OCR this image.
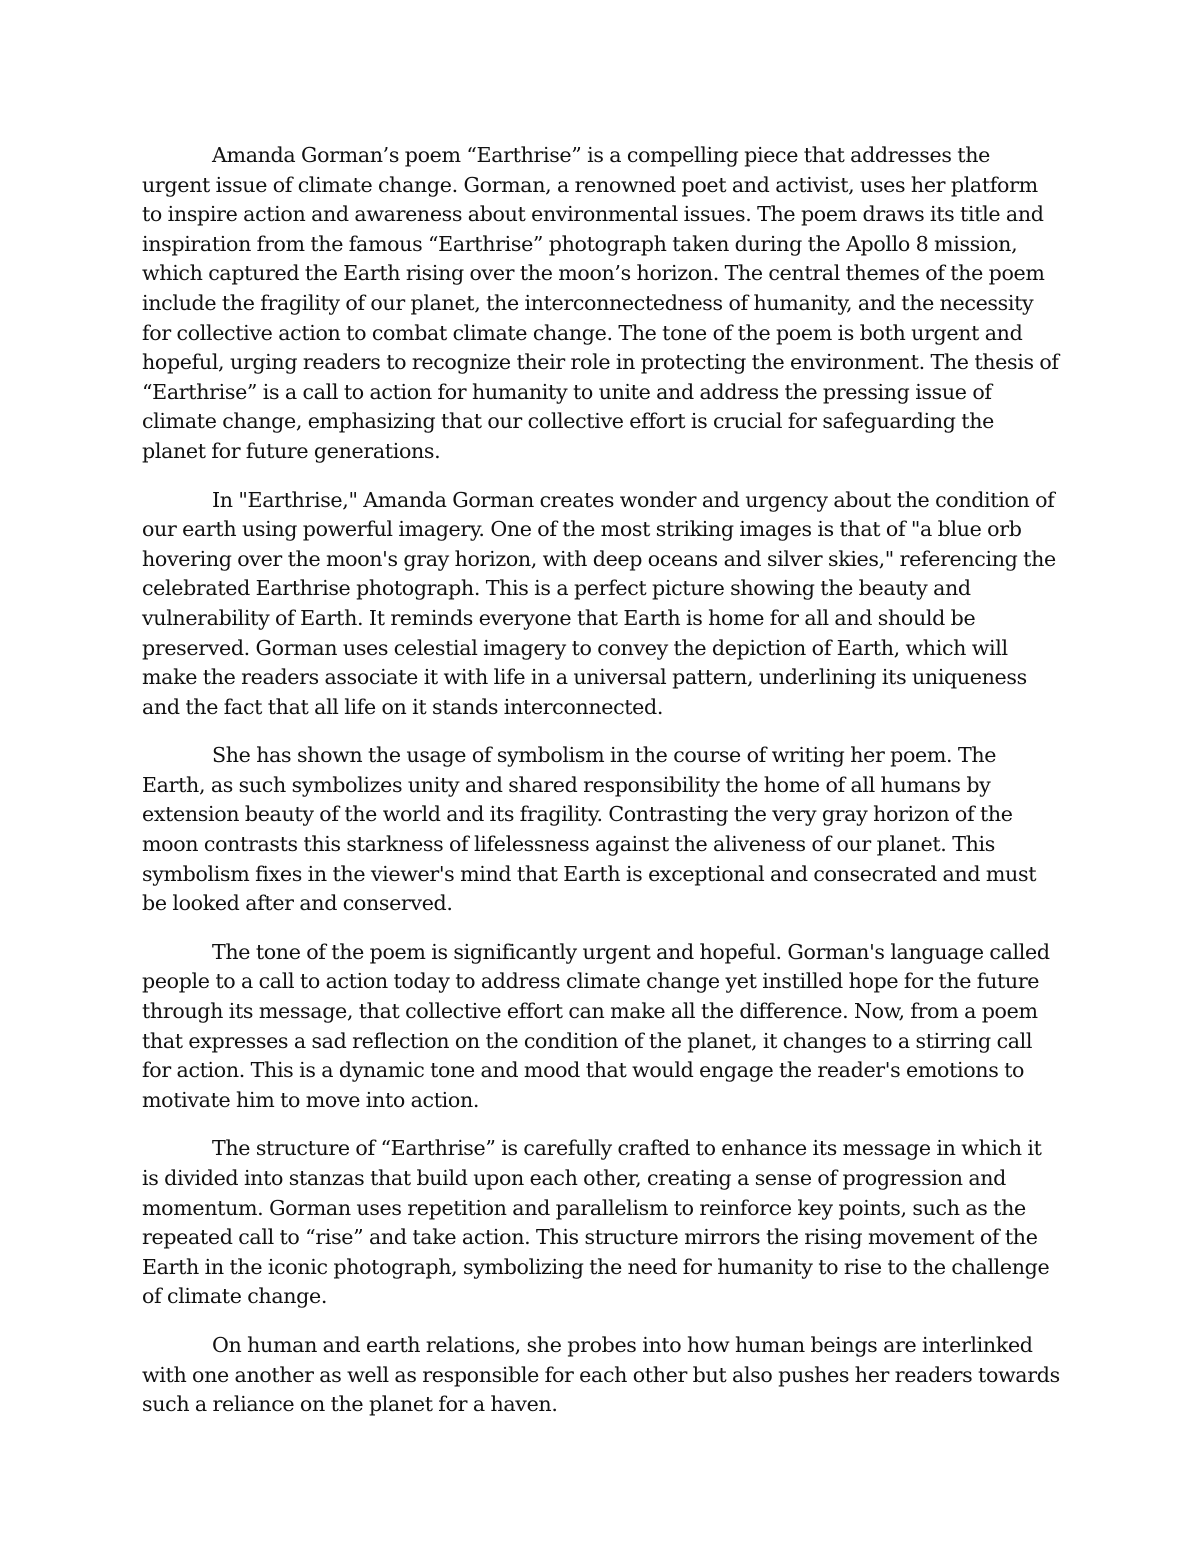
Amanda Gorman’s poem “Earthrise” is a compelling piece that addresses the urgent issue of climate change. Gorman, a renowned poet and activist, uses her platform to inspire action and awareness about environmental issues. The poem draws its title and inspiration from the famous “Earthrise” photograph taken during the Apollo 8 mission, which captured the Earth rising over the moon’s horizon. The central themes of the poem include the fragility of our planet, the interconnectedness of humanity, and the necessity for collective action to combat climate change. The tone of the poem is both urgent and hopeful, urging readers to recognize their role in protecting the environment. The thesis of “Earthrise” is a call to action for humanity to unite and address the pressing issue of climate change, emphasizing that our collective effort is crucial for safeguarding the planet for future generations.

In "Earthrise," Amanda Gorman creates wonder and urgency about the condition of our earth using powerful imagery. One of the most striking images is that of "a blue orb hovering over the moon's gray horizon, with deep oceans and silver skies," referencing the celebrated Earthrise photograph. This is a perfect picture showing the beauty and vulnerability of Earth. It reminds everyone that Earth is home for all and should be preserved. Gorman uses celestial imagery to convey the depiction of Earth, which will make the readers associate it with life in a universal pattern, underlining its uniqueness and the fact that all life on it stands interconnected.

She has shown the usage of symbolism in the course of writing her poem. The Earth, as such symbolizes unity and shared responsibility the home of all humans by extension beauty of the world and its fragility. Contrasting the very gray horizon of the moon contrasts this starkness of lifelessness against the aliveness of our planet. This symbolism fixes in the viewer's mind that Earth is exceptional and consecrated and must be looked after and conserved.

The tone of the poem is significantly urgent and hopeful. Gorman's language called people to a call to action today to address climate change yet instilled hope for the future through its message, that collective effort can make all the difference. Now, from a poem that expresses a sad reflection on the condition of the planet, it changes to a stirring call for action. This is a dynamic tone and mood that would engage the reader's emotions to motivate him to move into action.

The structure of “Earthrise” is carefully crafted to enhance its message in which it is divided into stanzas that build upon each other, creating a sense of progression and momentum. Gorman uses repetition and parallelism to reinforce key points, such as the repeated call to “rise” and take action. This structure mirrors the rising movement of the Earth in the iconic photograph, symbolizing the need for humanity to rise to the challenge of climate change.

On human and earth relations, she probes into how human beings are interlinked with one another as well as responsible for each other but also pushes her readers towards such a reliance on the planet for a haven.
